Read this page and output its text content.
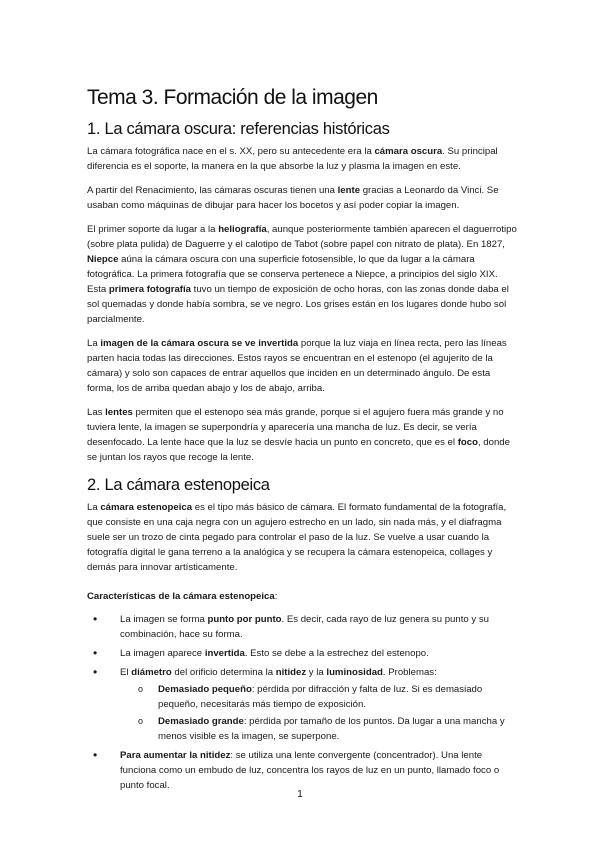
Tema 3. Formación de la imagen
1. La cámara oscura: referencias históricas

La cámara fotográfica nace en el s. XX, pero su antecedente era la cámara oscura. Su principal diferencia es el soporte, la manera en la que absorbe la luz y plasma la imagen en este.

A partir del Renacimiento, las cámaras oscuras tienen una lente gracias a Leonardo da Vinci. Se usaban como máquinas de dibujar para hacer los bocetos y así poder copiar la imagen.

El primer soporte da lugar a la heliografía, aunque posteriormente también aparecen el daguerrotipo (sobre plata pulida) de Daguerre y el calotipo de Tabot (sobre papel con nitrato de plata). En 1827, Niepce aúna la cámara oscura con una superficie fotosensible, lo que da lugar a la cámara fotográfica. La primera fotografía que se conserva pertenece a Niepce, a principios del siglo XIX. Esta primera fotografía tuvo un tiempo de exposición de ocho horas, con las zonas donde daba el sol quemadas y donde había sombra, se ve negro. Los grises están en los lugares donde hubo sol parcialmente.

La imagen de la cámara oscura se ve invertida porque la luz viaja en línea recta, pero las líneas parten hacia todas las direcciones. Estos rayos se encuentran en el estenopo (el agujerito de la cámara) y solo son capaces de entrar aquellos que inciden en un determinado ángulo. De esta forma, los de arriba quedan abajo y los de abajo, arriba.

Las lentes permiten que el estenopo sea más grande, porque si el agujero fuera más grande y no tuviera lente, la imagen se superpondría y aparecería una mancha de luz. Es decir, se vería desenfocado. La lente hace que la luz se desvíe hacia un punto en concreto, que es el foco, donde se juntan los rayos que recoge la lente.

2. La cámara estenopeica

La cámara estenopeica es el tipo más básico de cámara. El formato fundamental de la fotografía, que consiste en una caja negra con un agujero estrecho en un lado, sin nada más, y el diafragma suele ser un trozo de cinta pegado para controlar el paso de la luz. Se vuelve a usar cuando la fotografía digital le gana terreno a la analógica y se recupera la cámara estenopeica, collages y demás para innovar artísticamente.

Características de la cámara estenopeica:

• La imagen se forma punto por punto. Es decir, cada rayo de luz genera su punto y su combinación, hace su forma.
• La imagen aparece invertida. Esto se debe a la estrechez del estenopo.
• El diámetro del orificio determina la nitidez y la luminosidad. Problemas:
o Demasiado pequeño: pérdida por difracción y falta de luz. Si es demasiado pequeño, necesitarás más tiempo de exposición.
o Demasiado grande: pérdida por tamaño de los puntos. Da lugar a una mancha y menos visible es la imagen, se superpone.
• Para aumentar la nitidez: se utiliza una lente convergente (concentrador). Una lente funciona como un embudo de luz, concentra los rayos de luz en un punto, llamado foco o punto focal.
1
